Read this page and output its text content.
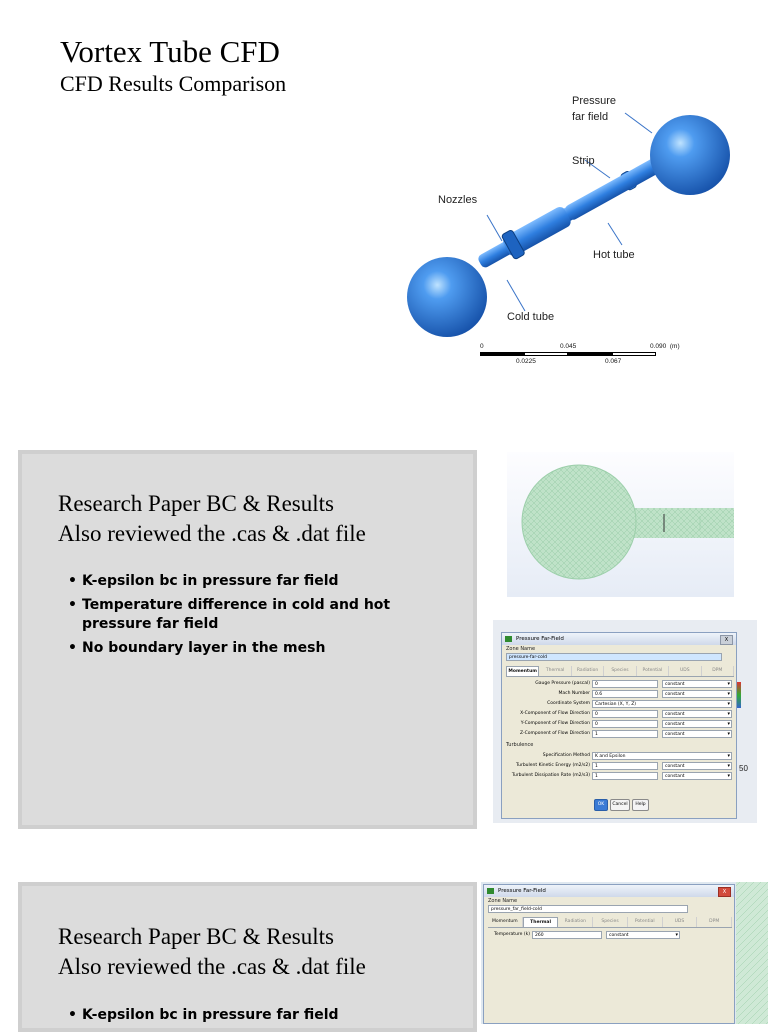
Vortex Tube CFD
CFD Results Comparison
Pressure
far field
Strip
Nozzles
Hot tube
Cold tube
0	0.045	0.090  (m)
0.0225	0.067
Research Paper BC & Results
Also reviewed the .cas & .dat file
• K-epsilon bc in pressure far field
• Temperature difference in cold and hot pressure far field
• No boundary layer in the mesh
50
Pressure Far-Field	X
Zone Name
pressure-far-cold
Momentum	Thermal	Radiation	Species	Potential	UDS	DPM
Gauge Pressure (pascal)	0	constant ▾
Mach Number	0.6	constant ▾
Coordinate System	Cartesian (X, Y, Z) ▾
X-Component of Flow Direction	0	constant ▾
Y-Component of Flow Direction	0	constant ▾
Z-Component of Flow Direction	1	constant ▾
Turbulence
Specification Method	K and Epsilon ▾
Turbulent Kinetic Energy (m2/s2)	1	constant ▾
Turbulent Dissipation Rate (m2/s3)	1	constant ▾
OK	Cancel	Help
Research Paper BC & Results
Also reviewed the .cas & .dat file
• K-epsilon bc in pressure far field
Pressure Far-Field	X
Zone Name
pressure_far_field-cold
Momentum	Thermal	Radiation	Species	Potential	UDS	DPM
Temperature (k)	260	constant ▾
